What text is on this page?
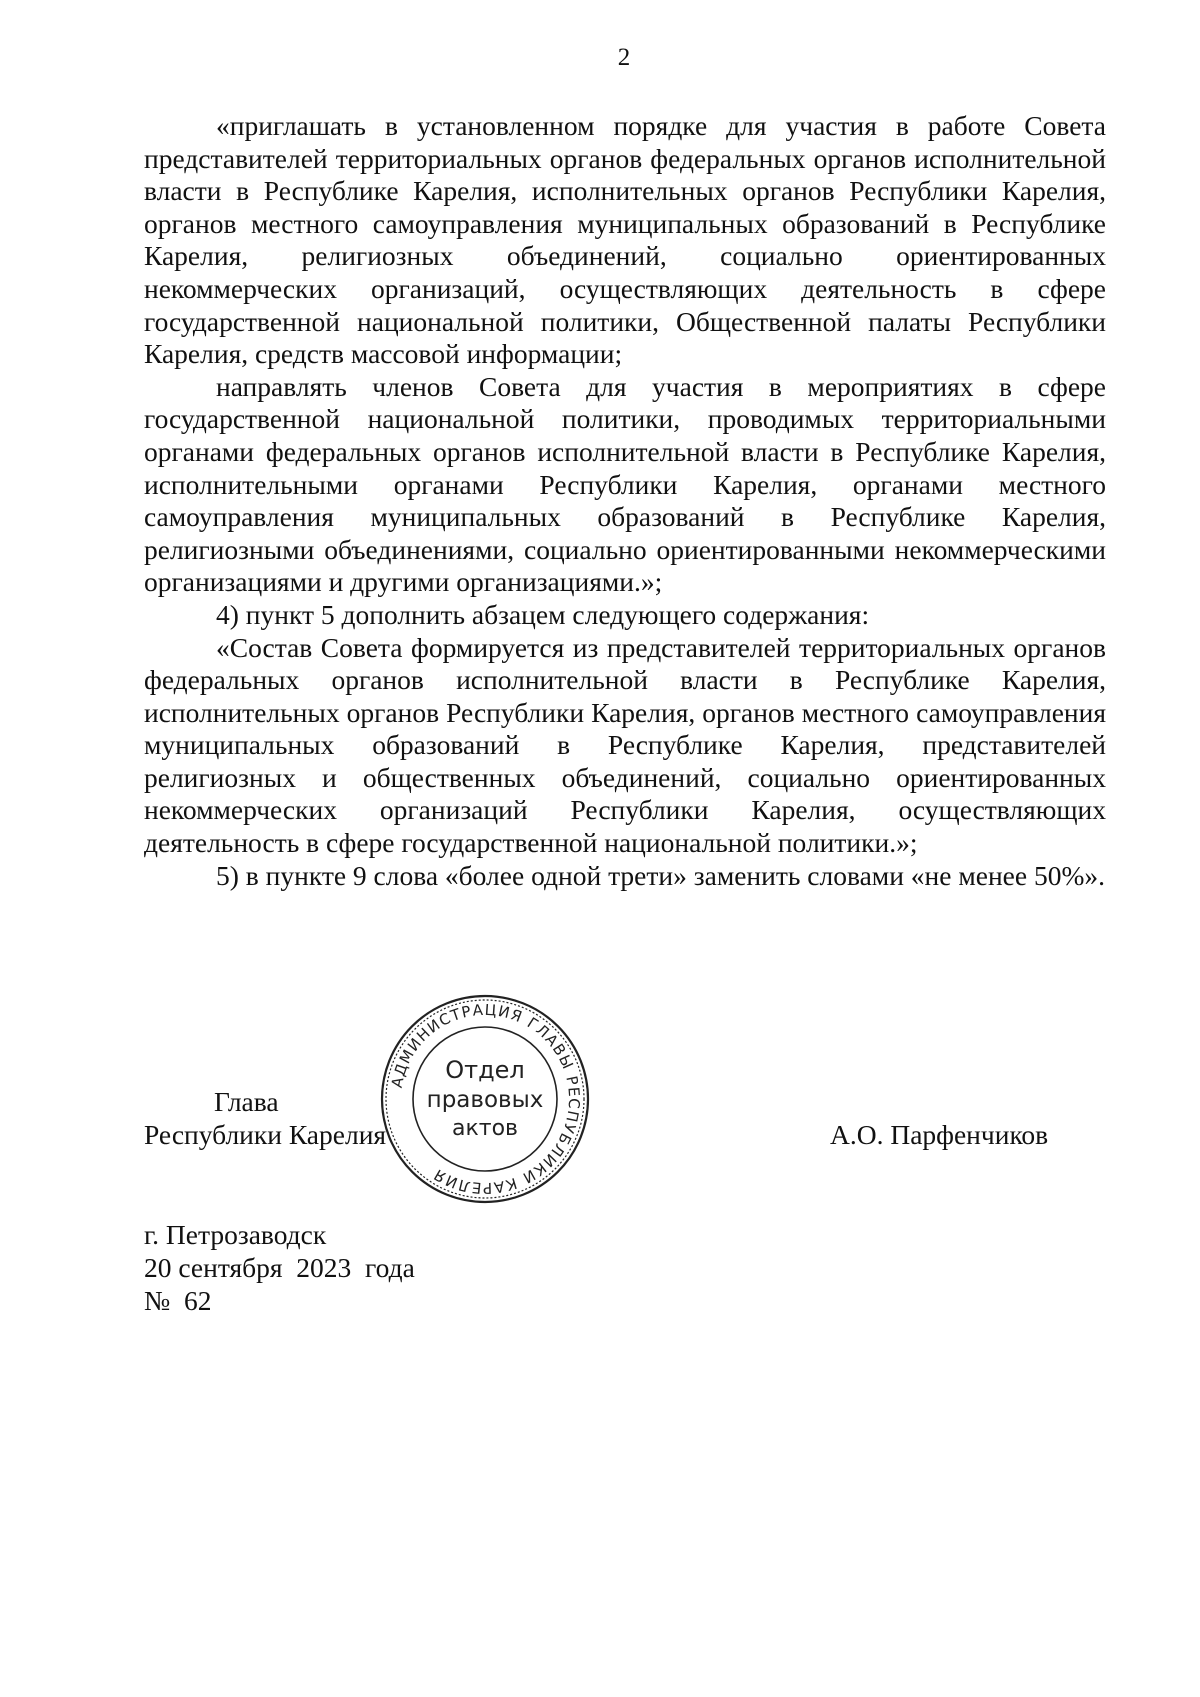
2

«приглашать в установленном порядке для участия в работе Совета представителей территориальных органов федеральных органов исполнительной власти в Республике Карелия, исполнительных органов Республики Карелия, органов местного самоуправления муниципальных образований в Республике Карелия, религиозных объединений, социально ориентированных некоммерческих организаций, осуществляющих деятельность в сфере государственной национальной политики, Общественной палаты Республики Карелия, средств массовой информации;

направлять членов Совета для участия в мероприятиях в сфере государственной национальной политики, проводимых территориальными органами федеральных органов исполнительной власти в Республике Карелия, исполнительными органами Республики Карелия, органами местного самоуправления муниципальных образований в Республике Карелия, религиозными объединениями, социально ориентированными некоммерческими организациями и другими организациями.»;

4) пункт 5 дополнить абзацем следующего содержания:

«Состав Совета формируется из представителей территориальных органов федеральных органов исполнительной власти в Республике Карелия, исполнительных органов Республики Карелия, органов местного самоуправления муниципальных образований в Республике Карелия, представителей религиозных и общественных объединений, социально ориентированных некоммерческих организаций Республики Карелия, осуществляющих деятельность в сфере государственной национальной политики.»;

5) в пункте 9 слова «более одной трети» заменить словами «не менее 50%».

Глава
Республики Карелия	А.О. Парфенчиков
АДМИНИСТРАЦИЯ ГЛАВЫ РЕСПУБЛИКИ КАРЕЛИЯ
Отдел
правовых
актов
г. Петрозаводск
20 сентября  2023  года
№  62
